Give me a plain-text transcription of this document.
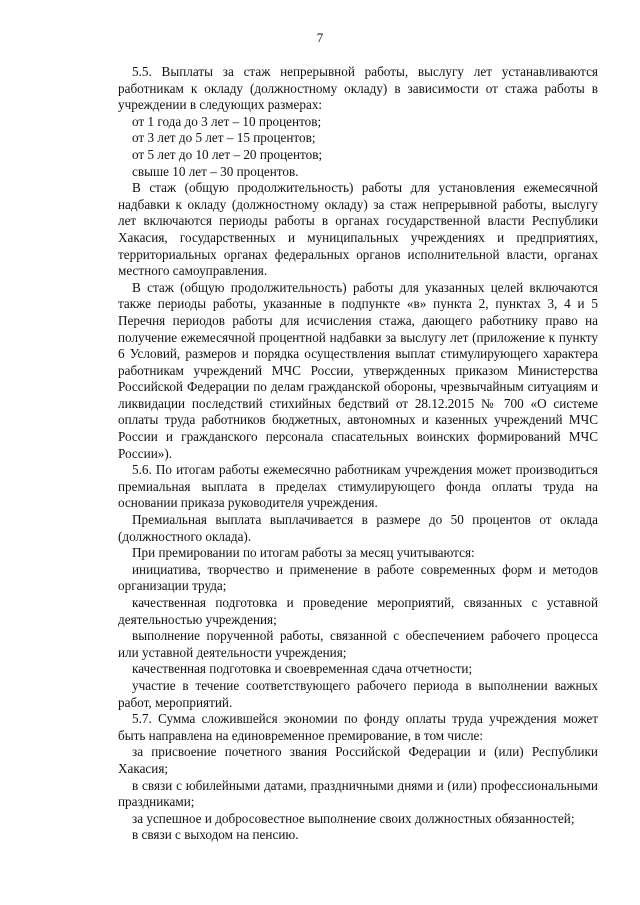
7

5.5. Выплаты за стаж непрерывной работы, выслугу лет устанавливаются работникам к окладу (должностному окладу) в зависимости от стажа работы в учреждении в следующих размерах:

от 1 года до 3 лет – 10 процентов;

от 3 лет до 5 лет – 15 процентов;

от 5 лет до 10 лет – 20 процентов;

свыше 10 лет – 30 процентов.

В стаж (общую продолжительность) работы для установления ежемесячной надбавки к окладу (должностному окладу) за стаж непрерывной работы, выслугу лет включаются периоды работы в органах государственной власти Республики Хакасия, государственных и муниципальных учреждениях и предприятиях, территориальных органах федеральных органов исполнительной власти, органах местного самоуправления.

В стаж (общую продолжительность) работы для указанных целей включаются также периоды работы, указанные в подпункте «в» пункта 2, пунктах 3, 4 и 5 Перечня периодов работы для исчисления стажа, дающего работнику право на получение ежемесячной процентной надбавки за выслугу лет (приложение к пункту 6 Условий, размеров и порядка осуществления выплат стимулирующего характера работникам учреждений МЧС России, утвержденных приказом Министерства Российской Федерации по делам гражданской обороны, чрезвычайным ситуациям и ликвидации последствий стихийных бедствий от 28.12.2015 № 700 «О системе оплаты труда работников бюджетных, автономных и казенных учреждений МЧС России и гражданского персонала спасательных воинских формирований МЧС России»).

5.6. По итогам работы ежемесячно работникам учреждения может производиться премиальная выплата в пределах стимулирующего фонда оплаты труда на основании приказа руководителя учреждения.

Премиальная выплата выплачивается в размере до 50 процентов от оклада (должностного оклада).

При премировании по итогам работы за месяц учитываются:

инициатива, творчество и применение в работе современных форм и методов организации труда;

качественная подготовка и проведение мероприятий, связанных с уставной деятельностью учреждения;

выполнение порученной работы, связанной с обеспечением рабочего процесса или уставной деятельности учреждения;

качественная подготовка и своевременная сдача отчетности;

участие в течение соответствующего рабочего периода в выполнении важных работ, мероприятий.

5.7. Сумма сложившейся экономии по фонду оплаты труда учреждения может быть направлена на единовременное премирование, в том числе:

за присвоение почетного звания Российской Федерации и (или) Республики Хакасия;

в связи с юбилейными датами, праздничными днями и (или) профессиональными праздниками;

за успешное и добросовестное выполнение своих должностных обязанностей;

в связи с выходом на пенсию.
